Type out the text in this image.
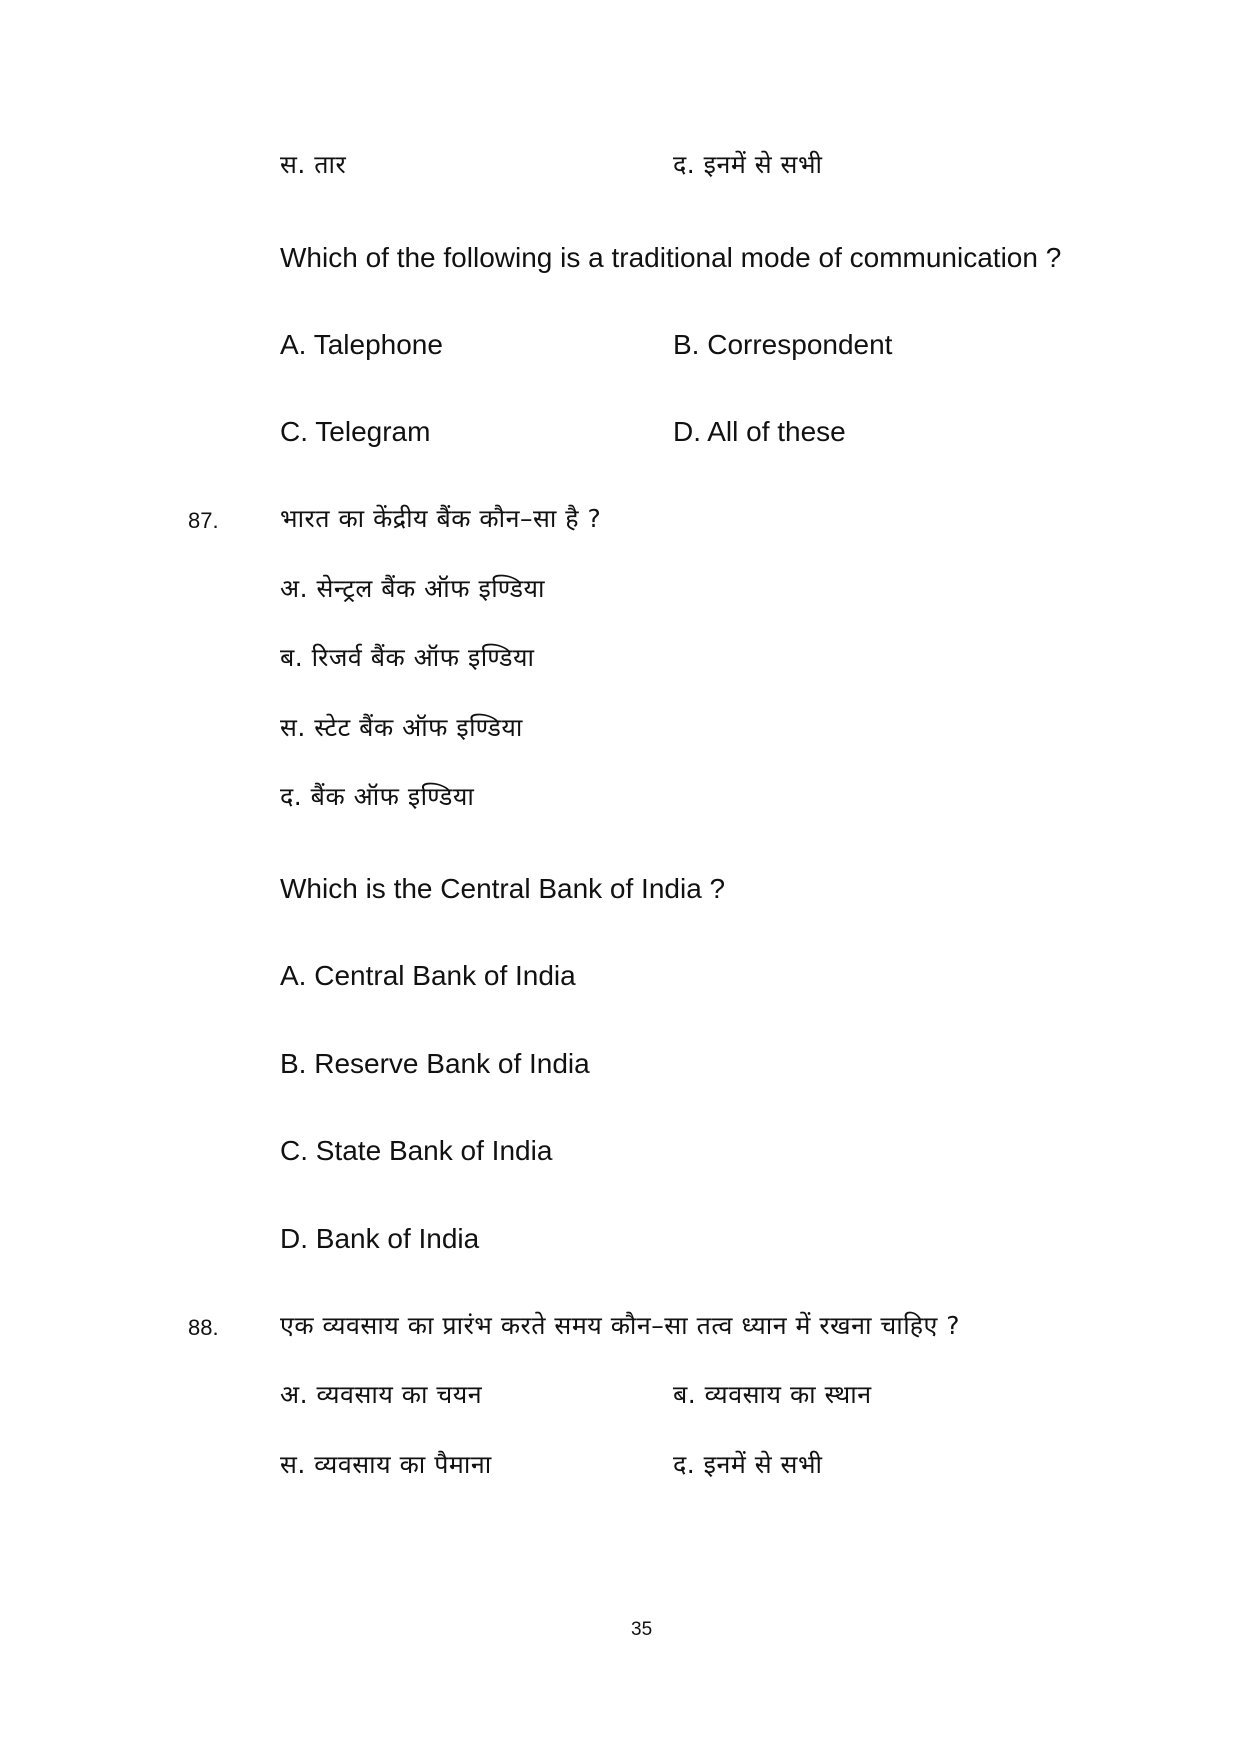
स. तार	द. इनमें से सभी
Which of the following is a traditional mode of communication ?
A. Talephone	B. Correspondent
C. Telegram	D. All of these
87. भारत का केंद्रीय बैंक कौन–सा है ?
अ. सेन्ट्रल बैंक ऑफ इण्डिया
ब. रिजर्व बैंक ऑफ इण्डिया
स. स्टेट बैंक ऑफ इण्डिया
द. बैंक ऑफ इण्डिया
Which is the Central Bank of India ?
A. Central Bank of India
B. Reserve Bank of India
C. State Bank of India
D. Bank of India
88. एक व्यवसाय का प्रारंभ करते समय कौन–सा तत्व ध्यान में रखना चाहिए ?
अ. व्यवसाय का चयन	ब. व्यवसाय का स्थान
स. व्यवसाय का पैमाना	द. इनमें से सभी
35
